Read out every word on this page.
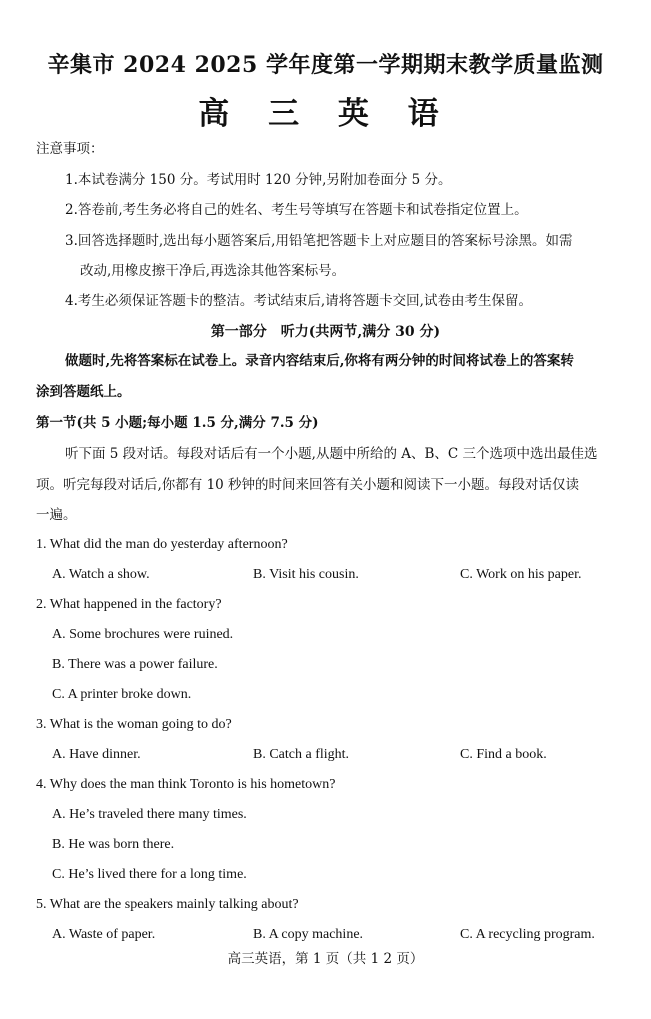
辛集市 2024 2025 学年度第一学期期末教学质量监测
高 三 英 语
注意事项：
1.本试卷满分 150 分。考试用时 120 分钟,另附加卷面分 5 分。
2.答卷前,考生务必将自己的姓名、考生号等填写在答题卡和试卷指定位置上。
3.回答选择题时,选出每小题答案后,用铅笔把答题卡上对应题目的答案标号涂黑。如需
改动,用橡皮擦干净后,再选涂其他答案标号。
4.考生必须保证答题卡的整洁。考试结束后,请将答题卡交回,试卷由考生保留。
第一部分　听力(共两节,满分 30 分)
做题时,先将答案标在试卷上。录音内容结束后,你将有两分钟的时间将试卷上的答案转
涂到答题纸上。
第一节(共 5 小题;每小题 1.5 分,满分 7.5 分)
听下面 5 段对话。每段对话后有一个小题,从题中所给的 A、B、C 三个选项中选出最佳选
项。听完每段对话后,你都有 10 秒钟的时间来回答有关小题和阅读下一小题。每段对话仅读
一遍。
1. What did the man do yesterday afternoon?
A. Watch a show.	B. Visit his cousin.	C. Work on his paper.
2. What happened in the factory?
A. Some brochures were ruined.
B. There was a power failure.
C. A printer broke down.
3. What is the woman going to do?
A. Have dinner.	B. Catch a flight.	C. Find a book.
4. Why does the man think Toronto is his hometown?
A. He’s traveled there many times.
B. He was born there.
C. He’s lived there for a long time.
5. What are the speakers mainly talking about?
A. Waste of paper.	B. A copy machine.	C. A recycling program.
高三英语，第 1 页（共 1 2 页）
